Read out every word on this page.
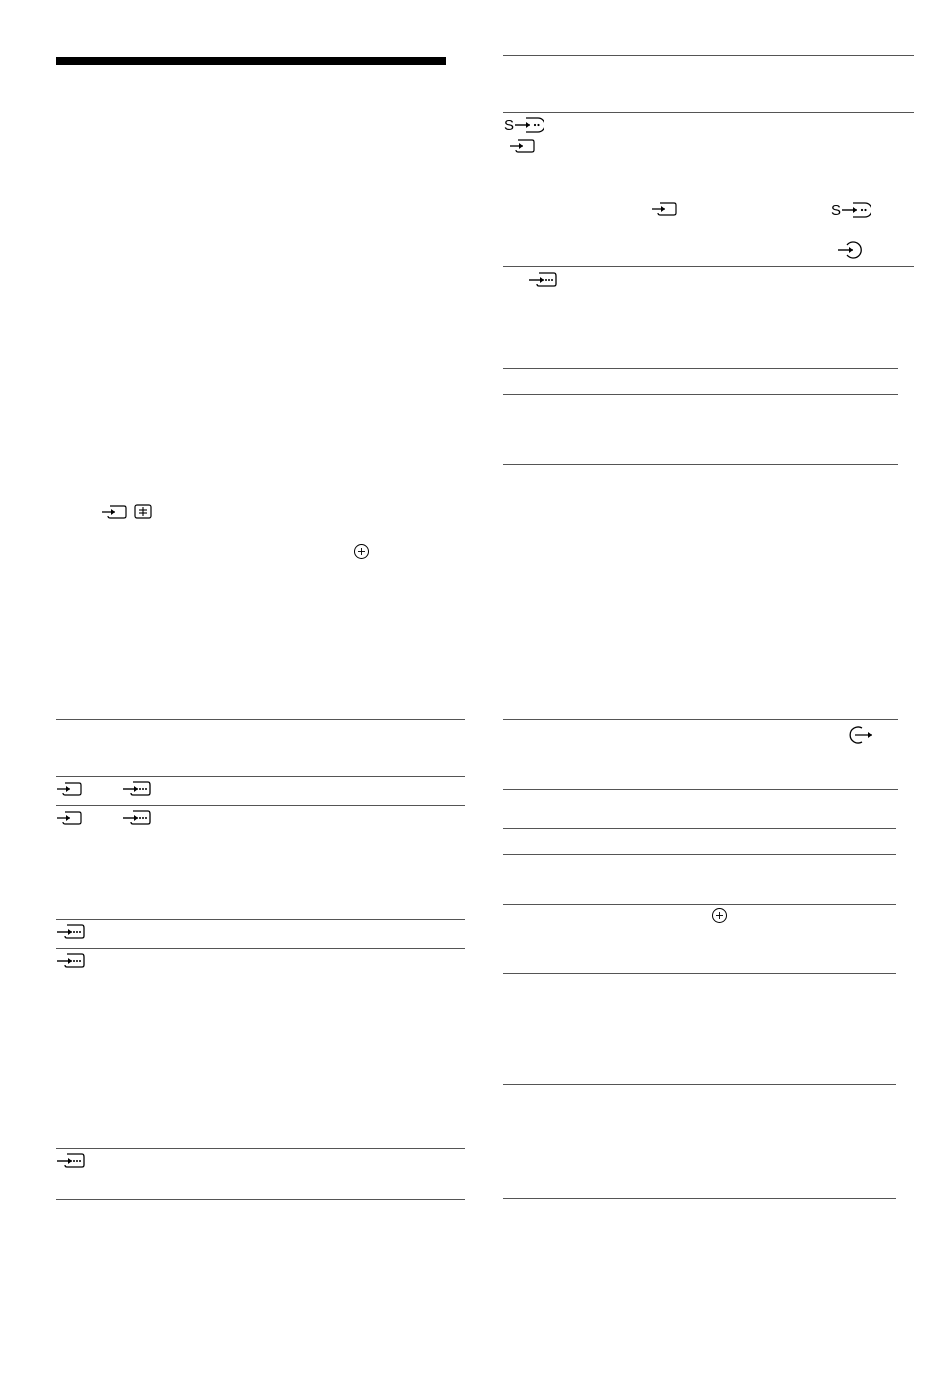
S
S
